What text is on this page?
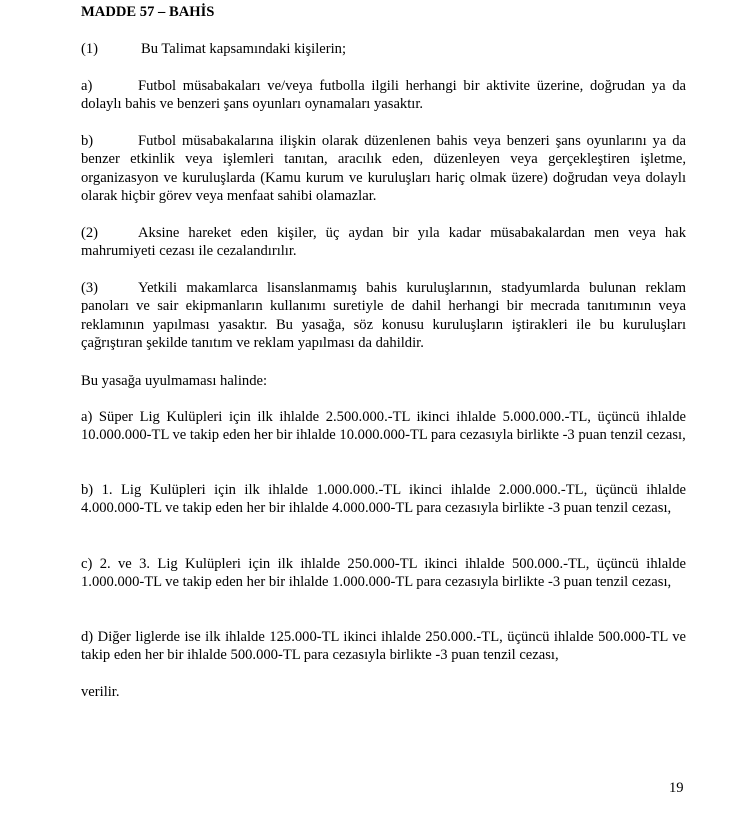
MADDE 57 – BAHİS
(1)	Bu Talimat kapsamındaki kişilerin;
a)	Futbol müsabakaları ve/veya futbolla ilgili herhangi bir aktivite üzerine, doğrudan ya da dolaylı bahis ve benzeri şans oyunları oynamaları yasaktır.
b)	Futbol müsabakalarına ilişkin olarak düzenlenen bahis veya benzeri şans oyunlarını ya da benzer etkinlik veya işlemleri tanıtan, aracılık eden, düzenleyen veya gerçekleştiren işletme, organizasyon ve kuruluşlarda (Kamu kurum ve kuruluşları hariç olmak üzere) doğrudan veya dolaylı olarak hiçbir görev veya menfaat sahibi olamazlar.
(2)	Aksine hareket eden kişiler, üç aydan bir yıla kadar müsabakalardan men veya hak mahrumiyeti cezası ile cezalandırılır.
(3)	Yetkili makamlarca lisanslanmamış bahis kuruluşlarının, stadyumlarda bulunan reklam panoları ve sair ekipmanların kullanımı suretiyle de dahil herhangi bir mecrada tanıtımının veya reklamının yapılması yasaktır. Bu yasağa, söz konusu kuruluşların iştirakleri ile bu kuruluşları çağrıştıran şekilde tanıtım ve reklam yapılması da dahildir.
Bu yasağa uyulmaması halinde:
a) Süper Lig Kulüpleri için ilk ihlalde 2.500.000.-TL ikinci ihlalde 5.000.000.-TL, üçüncü ihlalde 10.000.000-TL ve takip eden her bir ihlalde 10.000.000-TL para cezasıyla birlikte -3 puan tenzil cezası,
b) 1. Lig Kulüpleri için ilk ihlalde 1.000.000.-TL ikinci ihlalde 2.000.000.-TL, üçüncü ihlalde 4.000.000-TL ve takip eden her bir ihlalde 4.000.000-TL para cezasıyla birlikte -3 puan tenzil cezası,
c) 2. ve 3. Lig Kulüpleri için ilk ihlalde 250.000-TL ikinci ihlalde 500.000.-TL, üçüncü ihlalde 1.000.000-TL ve takip eden her bir ihlalde 1.000.000-TL para cezasıyla birlikte -3 puan tenzil cezası,
d) Diğer liglerde ise ilk ihlalde 125.000-TL ikinci ihlalde 250.000.-TL, üçüncü ihlalde 500.000-TL ve takip eden her bir ihlalde 500.000-TL para cezasıyla birlikte -3 puan tenzil cezası,
verilir.
19
